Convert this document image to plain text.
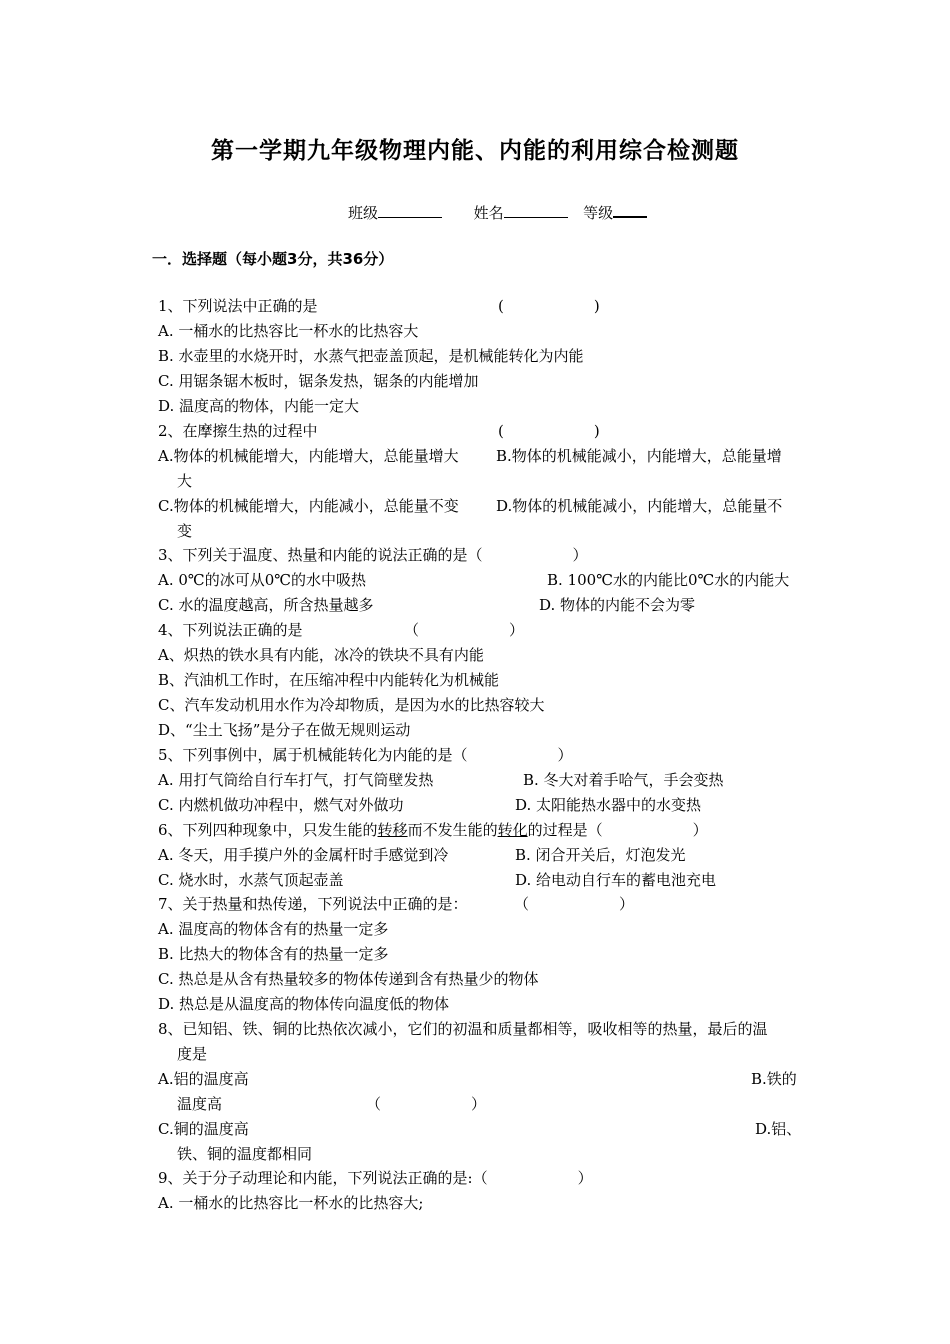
第一学期九年级物理内能、内能的利用综合检测题
班级	姓名	等级
一．选择题（每小题3分，共36分）
1、下列说法中正确的是	(　　　　　　)
A. 一桶水的比热容比一杯水的比热容大
B. 水壶里的水烧开时，水蒸气把壶盖顶起，是机械能转化为内能
C. 用锯条锯木板时，锯条发热，锯条的内能增加
D. 温度高的物体，内能一定大
2、在摩擦生热的过程中	(　　　　　　)
A.物体的机械能增大，内能增大，总能量增大 B.物体的机械能减小，内能增大，总能量增
大
C.物体的机械能增大，内能减小，总能量不变 D.物体的机械能减小，内能增大，总能量不
变
3、下列关于温度、热量和内能的说法正确的是（　　　　　　）
A. 0℃的冰可从0℃的水中吸热	B. 100℃水的内能比0℃水的内能大
C. 水的温度越高，所含热量越多	D. 物体的内能不会为零
4、下列说法正确的是	（　　　　　　）
A、炽热的铁水具有内能，冰冷的铁块不具有内能
B、汽油机工作时，在压缩冲程中内能转化为机械能
C、汽车发动机用水作为冷却物质，是因为水的比热容较大
D、“尘土飞扬”是分子在做无规则运动
5、下列事例中，属于机械能转化为内能的是（　　　　　　）
A. 用打气筒给自行车打气，打气筒壁发热	B. 冬大对着手哈气，手会变热
C. 内燃机做功冲程中，燃气对外做功	D. 太阳能热水器中的水变热
6、下列四种现象中，只发生能的转移而不发生能的转化的过程是（　　　　　　）
A. 冬天，用手摸户外的金属杆时手感觉到冷	B. 闭合开关后，灯泡发光
C. 烧水时，水蒸气顶起壶盖	D. 给电动自行车的蓄电池充电
7、关于热量和热传递，下列说法中正确的是：	（　　　　　　）
A. 温度高的物体含有的热量一定多
B. 比热大的物体含有的热量一定多
C. 热总是从含有热量较多的物体传递到含有热量少的物体
D. 热总是从温度高的物体传向温度低的物体
8、已知铝、铁、铜的比热依次减小，它们的初温和质量都相等，吸收相等的热量，最后的温
度是
A.铝的温度高	B.铁的
温度高	（　　　　　　）
C.铜的温度高	D.铝、
铁、铜的温度都相同
9、关于分子动理论和内能，下列说法正确的是:（　　　　　　）
A. 一桶水的比热容比一杯水的比热容大;
